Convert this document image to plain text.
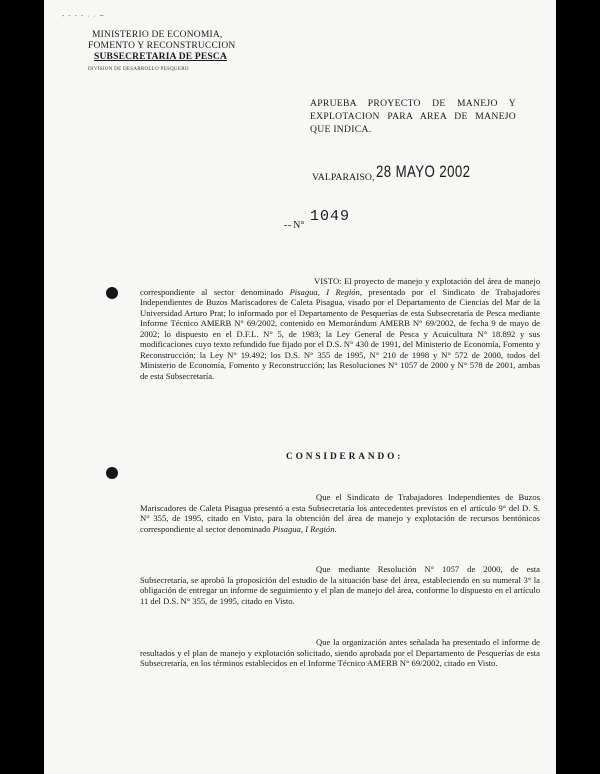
- - - - · · ~
MINISTERIO DE ECONOMIA,
FOMENTO Y RECONSTRUCCION
SUBSECRETARIA DE PESCA
DIVISION DE DESARROLLO PESQUERO
APRUEBA PROYECTO DE MANEJO Y EXPLOTACION PARA AREA DE MANEJO QUE INDICA.
VALPARAISO, 28 MAYO 2002
- - N°
1049
VISTO: El proyecto de manejo y explotación del área de manejo correspondiente al sector denominado Pisagua, I Región, presentado por el Sindicato de Trabajadores Independientes de Buzos Mariscadores de Caleta Pisagua, visado por el Departamento de Ciencias del Mar de la Universidad Arturo Prat; lo informado por el Departamento de Pesquerías de esta Subsecretaría de Pesca mediante Informe Técnico AMERB N° 69/2002, contenido en Memorándum AMERB N° 69/2002, de fecha 9 de mayo de 2002; lo dispuesto en el D.F.L. N° 5, de 1983; la Ley General de Pesca y Acuicultura N° 18.892 y sus modificaciones cuyo texto refundido fue fijado por el D.S. N° 430 de 1991, del Ministerio de Economía, Fomento y Reconstrucción; la Ley N° 19.492; los D.S. N° 355 de 1995, N° 210 de 1998 y N° 572 de 2000, todos del Ministerio de Economía, Fomento y Reconstrucción; las Resoluciones N° 1057 de 2000 y N° 578 de 2001, ambas de esta Subsecretaría.
CONSIDERANDO:

Que el Sindicato de Trabajadores Independientes de Buzos Mariscadores de Caleta Pisagua presentó a esta Subsecretaría los antecedentes previstos en el artículo 9° del D. S. N° 355, de 1995, citado en Visto, para la obtención del área de manejo y explotación de recursos bentónicos correspondiente al sector denominado Pisagua, I Región.

Que mediante Resolución N° 1057 de 2000, de esta Subsecretaría, se aprobó la proposición del estudio de la situación base del área, estableciendo en su numeral 3° la obligación de entregar un informe de seguimiento y el plan de manejo del área, conforme lo dispuesto en el artículo 11 del D.S. N° 355, de 1995, citado en Visto.

Que la organización antes señalada ha presentado el informe de resultados y el plan de manejo y explotación solicitado, siendo aprobada por el Departamento de Pesquerías de esta Subsecretaría, en los términos establecidos en el Informe Técnico AMERB N° 69/2002, citado en Visto.
